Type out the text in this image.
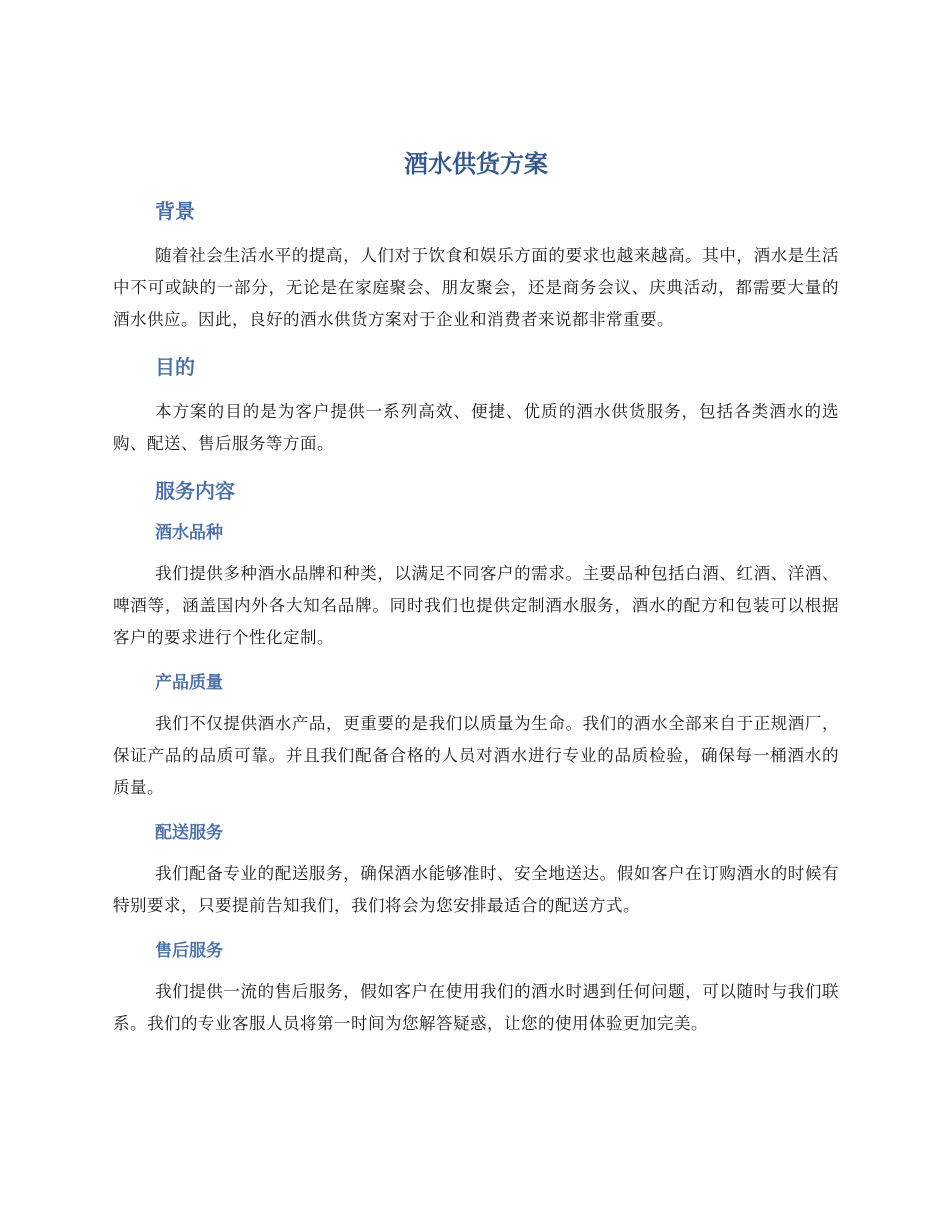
酒水供货方案
背景

随着社会生活水平的提高，人们对于饮食和娱乐方面的要求也越来越高。其中，酒水是生活中不可或缺的一部分，无论是在家庭聚会、朋友聚会，还是商务会议、庆典活动，都需要大量的酒水供应。因此，良好的酒水供货方案对于企业和消费者来说都非常重要。

目的

本方案的目的是为客户提供一系列高效、便捷、优质的酒水供货服务，包括各类酒水的选购、配送、售后服务等方面。

服务内容
酒水品种

我们提供多种酒水品牌和种类，以满足不同客户的需求。主要品种包括白酒、红酒、洋酒、啤酒等，涵盖国内外各大知名品牌。同时我们也提供定制酒水服务，酒水的配方和包装可以根据客户的要求进行个性化定制。

产品质量

我们不仅提供酒水产品，更重要的是我们以质量为生命。我们的酒水全部来自于正规酒厂，保证产品的品质可靠。并且我们配备合格的人员对酒水进行专业的品质检验，确保每一桶酒水的质量。

配送服务

我们配备专业的配送服务，确保酒水能够准时、安全地送达。假如客户在订购酒水的时候有特别要求，只要提前告知我们，我们将会为您安排最适合的配送方式。

售后服务

我们提供一流的售后服务，假如客户在使用我们的酒水时遇到任何问题，可以随时与我们联系。我们的专业客服人员将第一时间为您解答疑惑，让您的使用体验更加完美。
